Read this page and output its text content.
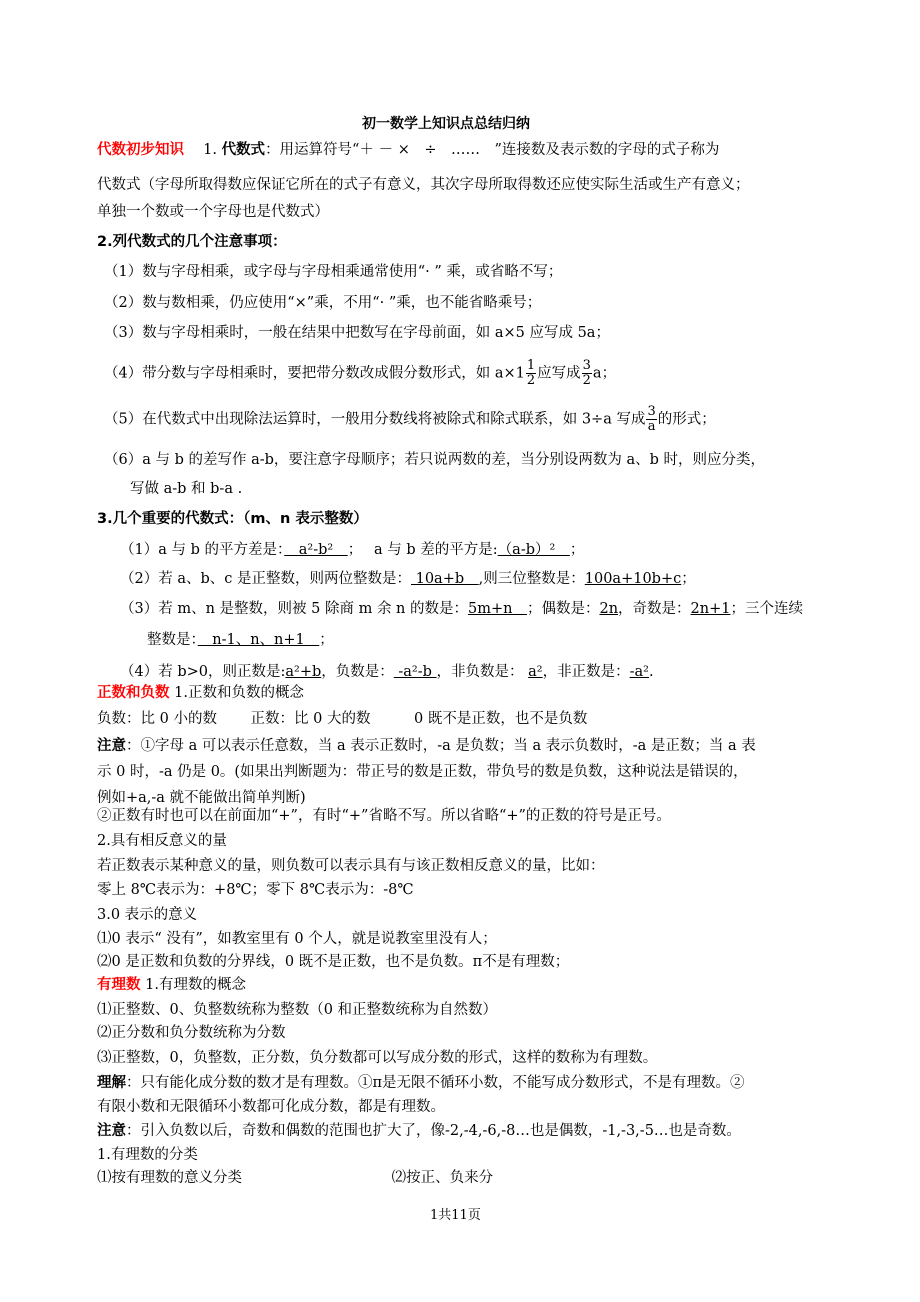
初一数学上知识点总结归纳
代数初步知识　 1. 代数式：用运算符号“＋ － ×　÷　……　”连接数及表示数的字母的式子称为
代数式（字母所取得数应保证它所在的式子有意义，其次字母所取得数还应使实际生活或生产有意义；
单独一个数或一个字母也是代数式）
2.列代数式的几个注意事项：
（1）数与字母相乘，或字母与字母相乘通常使用“· ” 乘，或省略不写；
（2）数与数相乘，仍应使用“×”乘，不用“· ”乘，也不能省略乘号；
（3）数与字母相乘时，一般在结果中把数写在字母前面，如 a×5 应写成 5a；
（4）带分数与字母相乘时，要把带分数改成假分数形式，如 $a\times 1 \frac{1}{2}$ 应写成 $\frac{3}{2}$ a；
（5）在代数式中出现除法运算时，一般用分数线将被除式和除式联系，如 3÷a 写成 $\frac{3}{a}$ 的形式；
（6）a 与 b 的差写作 a-b，要注意字母顺序；若只说两数的差，当分别设两数为 a、b 时，则应分类，
写做 a-b 和 b-a .
3.几个重要的代数式：（m、n 表示整数）
（1）a 与 b 的平方差是：　a²-b²　；　 a 与 b 差的平方是:（a-b）²　；
（2）若 a、b、c 是正整数，则两位整数是： 10a+b　,则三位整数是：100a+10b+c；
（3）若 m、n 是整数，则被 5 除商 m 余 n 的数是：5m+n　；偶数是：2n，奇数是：2n+1；三个连续
整数是：　n-1、n、n+1　；
（4）若 b>0，则正数是:a²+b，负数是： -a²-b ，非负数是： a²，非正数是：-a².
正数和负数 1.正数和负数的概念
负数：比 0 小的数　　 正数：比 0 大的数　　　0 既不是正数，也不是负数
注意：①字母 a 可以表示任意数，当 a 表示正数时，-a 是负数；当 a 表示负数时，-a 是正数；当 a 表
示 0 时，-a 仍是 0。(如果出判断题为：带正号的数是正数，带负号的数是负数，这种说法是错误的，
例如+a,-a 就不能做出简单判断)
②正数有时也可以在前面加“+”，有时“+”省略不写。所以省略“+”的正数的符号是正号。
2.具有相反意义的量
若正数表示某种意义的量，则负数可以表示具有与该正数相反意义的量，比如：
零上 8℃表示为：+8℃；零下 8℃表示为：-8℃
3.0 表示的意义
⑴0 表示“ 没有”，如教室里有 0 个人，就是说教室里没有人；
⑵0 是正数和负数的分界线，0 既不是正数，也不是负数。π不是有理数；
有理数 1.有理数的概念
⑴正整数、0、负整数统称为整数（0 和正整数统称为自然数）
⑵正分数和负分数统称为分数
⑶正整数，0，负整数，正分数，负分数都可以写成分数的形式，这样的数称为有理数。
理解：只有能化成分数的数才是有理数。①π是无限不循环小数，不能写成分数形式，不是有理数。②
有限小数和无限循环小数都可化成分数，都是有理数。
注意：引入负数以后，奇数和偶数的范围也扩大了，像-2,-4,-6,-8…也是偶数，-1,-3,-5…也是奇数。
1.有理数的分类
⑴按有理数的意义分类　　　　　　　　　　 ⑵按正、负来分
1共11页
